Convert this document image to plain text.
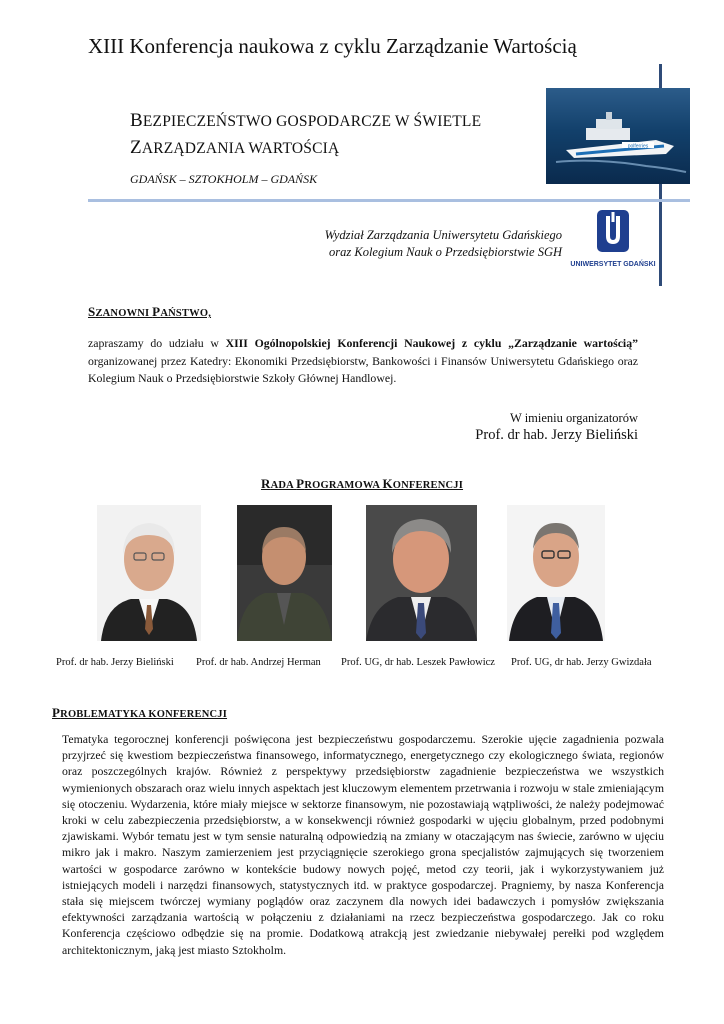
XIII Konferencja naukowa z cyklu Zarządzanie Wartością
BEZPIECZEŃSTWO GOSPODARCZE W ŚWIETLE
ZARZĄDZANIA WARTOŚCIĄ
GDAŃSK – SZTOKHOLM – GDAŃSK
polferries
Wydział Zarządzania Uniwersytetu Gdańskiego
oraz Kolegium Nauk o Przedsiębiorstwie SGH
UNIWERSYTET GDAŃSKI
SZANOWNI PAŃSTWO,
zapraszamy do udziału w XIII Ogólnopolskiej Konferencji Naukowej z cyklu „Zarządzanie wartością” organizowanej przez Katedry: Ekonomiki Przedsiębiorstw, Bankowości i Finansów Uniwersytetu Gdańskiego oraz Kolegium Nauk o Przedsiębiorstwie Szkoły Głównej Handlowej.
W imieniu organizatorów
Prof. dr hab. Jerzy Bieliński
RADA PROGRAMOWA KONFERENCJI
Prof. dr hab. Jerzy Bieliński Prof. dr hab. Andrzej Herman Prof. UG, dr hab. Leszek Pawłowicz Prof. UG, dr hab. Jerzy Gwizdała
PROBLEMATYKA KONFERENCJI
Tematyka tegorocznej konferencji poświęcona jest bezpieczeństwu gospodarczemu. Szerokie ujęcie zagadnienia pozwala przyjrzeć się kwestiom bezpieczeństwa finansowego, informatycznego, energetycznego czy ekologicznego świata, regionów oraz poszczególnych krajów. Również z perspektywy przedsiębiorstw zagadnienie bezpieczeństwa we wszystkich wymienionych obszarach oraz wielu innych aspektach jest kluczowym elementem przetrwania i rozwoju w stale zmieniającym się otoczeniu. Wydarzenia, które miały miejsce w sektorze finansowym, nie pozostawiają wątpliwości, że należy podejmować kroki w celu zabezpieczenia przedsiębiorstw, a w konsekwencji również gospodarki w ujęciu globalnym, przed podobnymi zjawiskami. Wybór tematu jest w tym sensie naturalną odpowiedzią na zmiany w otaczającym nas świecie, zarówno w ujęciu mikro jak i makro. Naszym zamierzeniem jest przyciągnięcie szerokiego grona specjalistów zajmujących się tworzeniem wartości w gospodarce zarówno w kontekście budowy nowych pojęć, metod czy teorii, jak i wykorzystywaniem już istniejących modeli i narzędzi finansowych, statystycznych itd. w praktyce gospodarczej. Pragniemy, by nasza Konferencja stała się miejscem twórczej wymiany poglądów oraz zaczynem dla nowych idei badawczych i pomysłów zwiększania efektywności zarządzania wartością w połączeniu z działaniami na rzecz bezpieczeństwa gospodarczego. Jak co roku Konferencja częściowo odbędzie się na promie. Dodatkową atrakcją jest zwiedzanie niebywałej perełki pod względem architektonicznym, jaką jest miasto Sztokholm.
